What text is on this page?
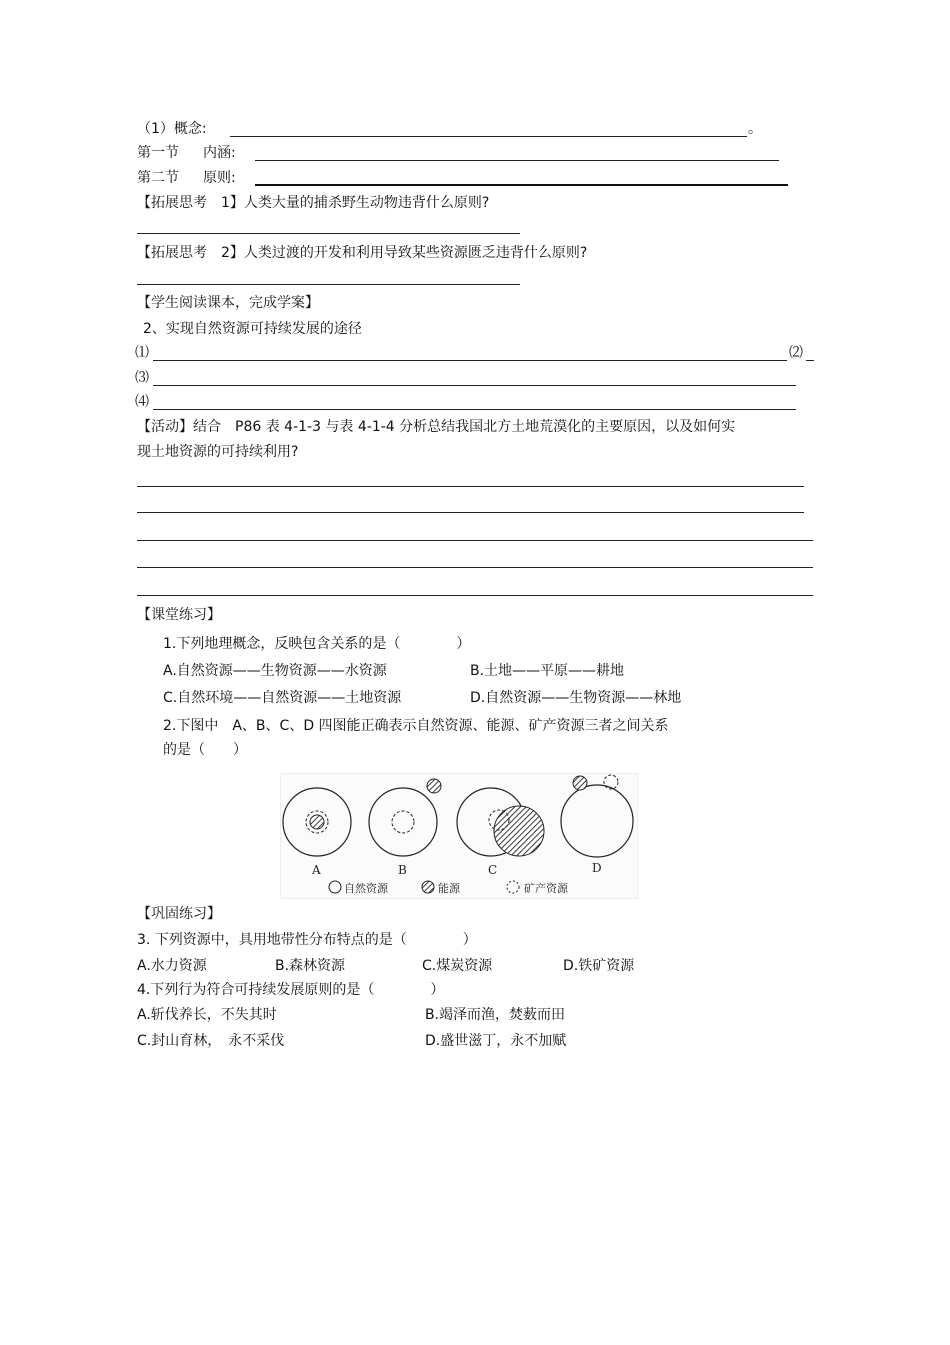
（1）概念:	。
第一节 内涵:
第二节 原则:
【拓展思考　1】人类大量的捕杀野生动物违背什么原则?
【拓展思考　2】人类过渡的开发和利用导致某些资源匮乏违背什么原则?
【学生阅读课本，完成学案】
2、实现自然资源可持续发展的途径
⑴	⑵
⑶
⑷
【活动】结合　P86 表 4-1-3 与表 4-1-4 分析总结我国北方土地荒漠化的主要原因，以及如何实
现土地资源的可持续利用?
【课堂练习】
1.下列地理概念，反映包含关系的是（　　　　）
A.自然资源——生物资源——水资源	B.土地——平原——耕地
C.自然环境——自然资源——土地资源	D.自然资源——生物资源——林地
2.下图中　A、B、C、D 四图能正确表示自然资源、能源、矿产资源三者之间关系
的是（　　）
A	B	C	D
自然资源	能源	矿产资源
【巩固练习】
3. 下列资源中，具用地带性分布特点的是（　　　　）
A.水力资源	B.森林资源	C.煤炭资源	D.铁矿资源
4.下列行为符合可持续发展原则的是（　　　　）
A.斩伐养长，不失其时	B.竭泽而渔，焚薮而田
C.封山育林，　永不采伐	D.盛世滋丁，永不加赋
